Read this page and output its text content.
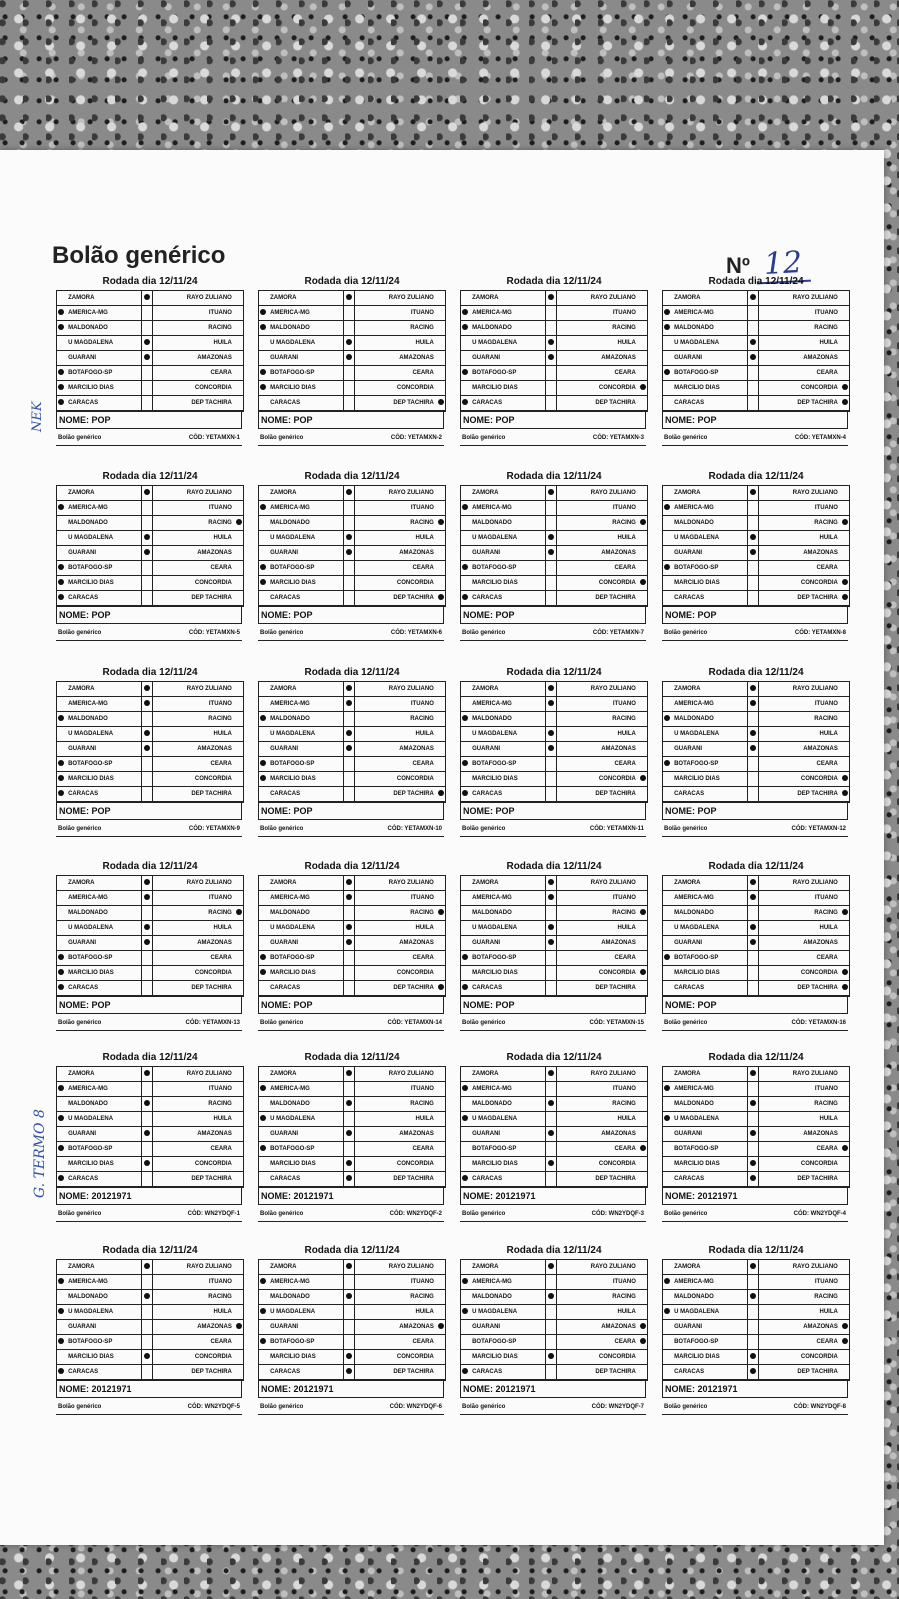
Bolão genérico	Nº 12
NEK
G. TERMO 8
Rodada dia 12/11/24
	ZAMORA		RAYO ZULIANO	
	AMERICA-MG		ITUANO	
	MALDONADO		RACING	
	U MAGDALENA		HUILA	
	GUARANI		AMAZONAS	
	BOTAFOGO-SP		CEARA	
	MARCILIO DIAS		CONCORDIA	
	CARACAS		DEP TACHIRA	
NOME: POP
Bolão genérico	CÓD: YETAMXN-1
Rodada dia 12/11/24
	ZAMORA		RAYO ZULIANO	
	AMERICA-MG		ITUANO	
	MALDONADO		RACING	
	U MAGDALENA		HUILA	
	GUARANI		AMAZONAS	
	BOTAFOGO-SP		CEARA	
	MARCILIO DIAS		CONCORDIA	
	CARACAS		DEP TACHIRA	
NOME: POP
Bolão genérico	CÓD: YETAMXN-2
Rodada dia 12/11/24
	ZAMORA		RAYO ZULIANO	
	AMERICA-MG		ITUANO	
	MALDONADO		RACING	
	U MAGDALENA		HUILA	
	GUARANI		AMAZONAS	
	BOTAFOGO-SP		CEARA	
	MARCILIO DIAS		CONCORDIA	
	CARACAS		DEP TACHIRA	
NOME: POP
Bolão genérico	CÓD: YETAMXN-3
Rodada dia 12/11/24
	ZAMORA		RAYO ZULIANO	
	AMERICA-MG		ITUANO	
	MALDONADO		RACING	
	U MAGDALENA		HUILA	
	GUARANI		AMAZONAS	
	BOTAFOGO-SP		CEARA	
	MARCILIO DIAS		CONCORDIA	
	CARACAS		DEP TACHIRA	
NOME: POP
Bolão genérico	CÓD: YETAMXN-4
Rodada dia 12/11/24
	ZAMORA		RAYO ZULIANO	
	AMERICA-MG		ITUANO	
	MALDONADO		RACING	
	U MAGDALENA		HUILA	
	GUARANI		AMAZONAS	
	BOTAFOGO-SP		CEARA	
	MARCILIO DIAS		CONCORDIA	
	CARACAS		DEP TACHIRA	
NOME: POP
Bolão genérico	CÓD: YETAMXN-5
Rodada dia 12/11/24
	ZAMORA		RAYO ZULIANO	
	AMERICA-MG		ITUANO	
	MALDONADO		RACING	
	U MAGDALENA		HUILA	
	GUARANI		AMAZONAS	
	BOTAFOGO-SP		CEARA	
	MARCILIO DIAS		CONCORDIA	
	CARACAS		DEP TACHIRA	
NOME: POP
Bolão genérico	CÓD: YETAMXN-6
Rodada dia 12/11/24
	ZAMORA		RAYO ZULIANO	
	AMERICA-MG		ITUANO	
	MALDONADO		RACING	
	U MAGDALENA		HUILA	
	GUARANI		AMAZONAS	
	BOTAFOGO-SP		CEARA	
	MARCILIO DIAS		CONCORDIA	
	CARACAS		DEP TACHIRA	
NOME: POP
Bolão genérico	CÓD: YETAMXN-7
Rodada dia 12/11/24
	ZAMORA		RAYO ZULIANO	
	AMERICA-MG		ITUANO	
	MALDONADO		RACING	
	U MAGDALENA		HUILA	
	GUARANI		AMAZONAS	
	BOTAFOGO-SP		CEARA	
	MARCILIO DIAS		CONCORDIA	
	CARACAS		DEP TACHIRA	
NOME: POP
Bolão genérico	CÓD: YETAMXN-8
Rodada dia 12/11/24
	ZAMORA		RAYO ZULIANO	
	AMERICA-MG		ITUANO	
	MALDONADO		RACING	
	U MAGDALENA		HUILA	
	GUARANI		AMAZONAS	
	BOTAFOGO-SP		CEARA	
	MARCILIO DIAS		CONCORDIA	
	CARACAS		DEP TACHIRA	
NOME: POP
Bolão genérico	CÓD: YETAMXN-9
Rodada dia 12/11/24
	ZAMORA		RAYO ZULIANO	
	AMERICA-MG		ITUANO	
	MALDONADO		RACING	
	U MAGDALENA		HUILA	
	GUARANI		AMAZONAS	
	BOTAFOGO-SP		CEARA	
	MARCILIO DIAS		CONCORDIA	
	CARACAS		DEP TACHIRA	
NOME: POP
Bolão genérico	CÓD: YETAMXN-10
Rodada dia 12/11/24
	ZAMORA		RAYO ZULIANO	
	AMERICA-MG		ITUANO	
	MALDONADO		RACING	
	U MAGDALENA		HUILA	
	GUARANI		AMAZONAS	
	BOTAFOGO-SP		CEARA	
	MARCILIO DIAS		CONCORDIA	
	CARACAS		DEP TACHIRA	
NOME: POP
Bolão genérico	CÓD: YETAMXN-11
Rodada dia 12/11/24
	ZAMORA		RAYO ZULIANO	
	AMERICA-MG		ITUANO	
	MALDONADO		RACING	
	U MAGDALENA		HUILA	
	GUARANI		AMAZONAS	
	BOTAFOGO-SP		CEARA	
	MARCILIO DIAS		CONCORDIA	
	CARACAS		DEP TACHIRA	
NOME: POP
Bolão genérico	CÓD: YETAMXN-12
Rodada dia 12/11/24
	ZAMORA		RAYO ZULIANO	
	AMERICA-MG		ITUANO	
	MALDONADO		RACING	
	U MAGDALENA		HUILA	
	GUARANI		AMAZONAS	
	BOTAFOGO-SP		CEARA	
	MARCILIO DIAS		CONCORDIA	
	CARACAS		DEP TACHIRA	
NOME: POP
Bolão genérico	CÓD: YETAMXN-13
Rodada dia 12/11/24
	ZAMORA		RAYO ZULIANO	
	AMERICA-MG		ITUANO	
	MALDONADO		RACING	
	U MAGDALENA		HUILA	
	GUARANI		AMAZONAS	
	BOTAFOGO-SP		CEARA	
	MARCILIO DIAS		CONCORDIA	
	CARACAS		DEP TACHIRA	
NOME: POP
Bolão genérico	CÓD: YETAMXN-14
Rodada dia 12/11/24
	ZAMORA		RAYO ZULIANO	
	AMERICA-MG		ITUANO	
	MALDONADO		RACING	
	U MAGDALENA		HUILA	
	GUARANI		AMAZONAS	
	BOTAFOGO-SP		CEARA	
	MARCILIO DIAS		CONCORDIA	
	CARACAS		DEP TACHIRA	
NOME: POP
Bolão genérico	CÓD: YETAMXN-15
Rodada dia 12/11/24
	ZAMORA		RAYO ZULIANO	
	AMERICA-MG		ITUANO	
	MALDONADO		RACING	
	U MAGDALENA		HUILA	
	GUARANI		AMAZONAS	
	BOTAFOGO-SP		CEARA	
	MARCILIO DIAS		CONCORDIA	
	CARACAS		DEP TACHIRA	
NOME: POP
Bolão genérico	CÓD: YETAMXN-16
Rodada dia 12/11/24
	ZAMORA		RAYO ZULIANO	
	AMERICA-MG		ITUANO	
	MALDONADO		RACING	
	U MAGDALENA		HUILA	
	GUARANI		AMAZONAS	
	BOTAFOGO-SP		CEARA	
	MARCILIO DIAS		CONCORDIA	
	CARACAS		DEP TACHIRA	
NOME: 20121971
Bolão genérico	CÓD: WN2YDQF-1
Rodada dia 12/11/24
	ZAMORA		RAYO ZULIANO	
	AMERICA-MG		ITUANO	
	MALDONADO		RACING	
	U MAGDALENA		HUILA	
	GUARANI		AMAZONAS	
	BOTAFOGO-SP		CEARA	
	MARCILIO DIAS		CONCORDIA	
	CARACAS		DEP TACHIRA	
NOME: 20121971
Bolão genérico	CÓD: WN2YDQF-2
Rodada dia 12/11/24
	ZAMORA		RAYO ZULIANO	
	AMERICA-MG		ITUANO	
	MALDONADO		RACING	
	U MAGDALENA		HUILA	
	GUARANI		AMAZONAS	
	BOTAFOGO-SP		CEARA	
	MARCILIO DIAS		CONCORDIA	
	CARACAS		DEP TACHIRA	
NOME: 20121971
Bolão genérico	CÓD: WN2YDQF-3
Rodada dia 12/11/24
	ZAMORA		RAYO ZULIANO	
	AMERICA-MG		ITUANO	
	MALDONADO		RACING	
	U MAGDALENA		HUILA	
	GUARANI		AMAZONAS	
	BOTAFOGO-SP		CEARA	
	MARCILIO DIAS		CONCORDIA	
	CARACAS		DEP TACHIRA	
NOME: 20121971
Bolão genérico	CÓD: WN2YDQF-4
Rodada dia 12/11/24
	ZAMORA		RAYO ZULIANO	
	AMERICA-MG		ITUANO	
	MALDONADO		RACING	
	U MAGDALENA		HUILA	
	GUARANI		AMAZONAS	
	BOTAFOGO-SP		CEARA	
	MARCILIO DIAS		CONCORDIA	
	CARACAS		DEP TACHIRA	
NOME: 20121971
Bolão genérico	CÓD: WN2YDQF-5
Rodada dia 12/11/24
	ZAMORA		RAYO ZULIANO	
	AMERICA-MG		ITUANO	
	MALDONADO		RACING	
	U MAGDALENA		HUILA	
	GUARANI		AMAZONAS	
	BOTAFOGO-SP		CEARA	
	MARCILIO DIAS		CONCORDIA	
	CARACAS		DEP TACHIRA	
NOME: 20121971
Bolão genérico	CÓD: WN2YDQF-6
Rodada dia 12/11/24
	ZAMORA		RAYO ZULIANO	
	AMERICA-MG		ITUANO	
	MALDONADO		RACING	
	U MAGDALENA		HUILA	
	GUARANI		AMAZONAS	
	BOTAFOGO-SP		CEARA	
	MARCILIO DIAS		CONCORDIA	
	CARACAS		DEP TACHIRA	
NOME: 20121971
Bolão genérico	CÓD: WN2YDQF-7
Rodada dia 12/11/24
	ZAMORA		RAYO ZULIANO	
	AMERICA-MG		ITUANO	
	MALDONADO		RACING	
	U MAGDALENA		HUILA	
	GUARANI		AMAZONAS	
	BOTAFOGO-SP		CEARA	
	MARCILIO DIAS		CONCORDIA	
	CARACAS		DEP TACHIRA	
NOME: 20121971
Bolão genérico	CÓD: WN2YDQF-8
